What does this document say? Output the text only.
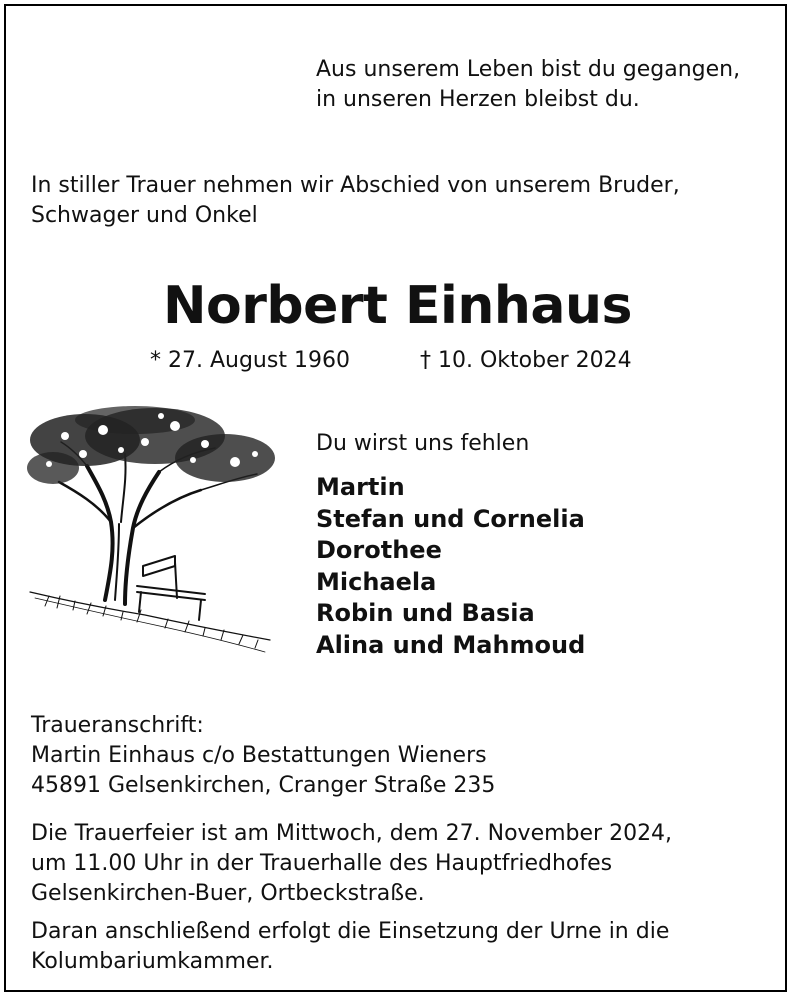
Aus unserem Leben bist du gegangen,
in unseren Herzen bleibst du.

In stiller Trauer nehmen wir Abschied von unserem Bruder,
Schwager und Onkel

Norbert Einhaus
* 27. August 1960	† 10. Oktober 2024

Du wirst uns fehlen

Martin
Stefan und Cornelia
Dorothee
Michaela
Robin und Basia
Alina und Mahmoud

Traueranschrift:
Martin Einhaus c/o Bestattungen Wieners
45891 Gelsenkirchen, Cranger Straße 235

Die Trauerfeier ist am Mittwoch, dem 27. November 2024,
um 11.00 Uhr in der Trauerhalle des Hauptfriedhofes
Gelsenkirchen-Buer, Ortbeckstraße.

Daran anschließend erfolgt die Einsetzung der Urne in die
Kolumbariumkammer.
